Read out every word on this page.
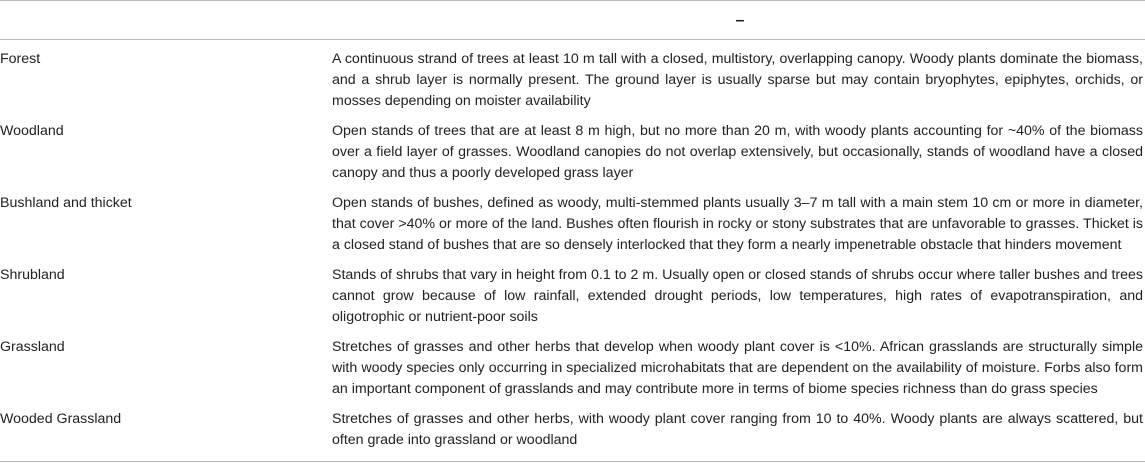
	–
Forest	A continuous strand of trees at least 10 m tall with a closed, multistory, overlapping canopy. Woody plants dominate the biomass, and a shrub layer is normally present. The ground layer is usually sparse but may contain bryophytes, epiphytes, orchids, or mosses depending on moister availability
Woodland	Open stands of trees that are at least 8 m high, but no more than 20 m, with woody plants accounting for ~40% of the biomass over a field layer of grasses. Woodland canopies do not overlap extensively, but occasionally, stands of woodland have a closed canopy and thus a poorly developed grass layer
Bushland and thicket	Open stands of bushes, defined as woody, multi-stemmed plants usually 3–7 m tall with a main stem 10 cm or more in diameter, that cover >40% or more of the land. Bushes often flourish in rocky or stony substrates that are unfavorable to grasses. Thicket is a closed stand of bushes that are so densely interlocked that they form a nearly impenetrable obstacle that hinders movement
Shrubland	Stands of shrubs that vary in height from 0.1 to 2 m. Usually open or closed stands of shrubs occur where taller bushes and trees cannot grow because of low rainfall, extended drought periods, low temperatures, high rates of evapotranspiration, and oligotrophic or nutrient-poor soils
Grassland	Stretches of grasses and other herbs that develop when woody plant cover is <10%. African grasslands are structurally simple with woody species only occurring in specialized microhabitats that are dependent on the availability of moisture. Forbs also form an important component of grasslands and may contribute more in terms of biome species richness than do grass species
Wooded Grassland	Stretches of grasses and other herbs, with woody plant cover ranging from 10 to 40%. Woody plants are always scattered, but often grade into grassland or woodland
